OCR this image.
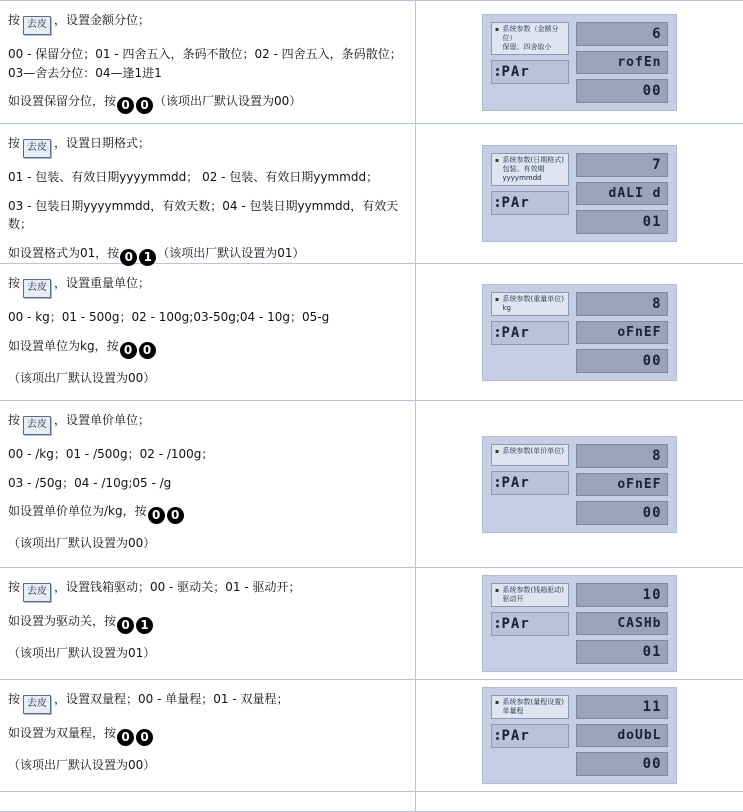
按 去皮 ，设置金额分位；
00 - 保留分位；01 - 四舍五入，条码不散位；02 - 四舍五入，条码散位；03—舍去分位：04—逢1进1
如设置保留分位，按 0 0 （该项出厂默认设置为00）
▪ 系统参数（金额分位）
保留、四舍取小
PAr
6
rofEn
00
按 去皮 ，设置日期格式；
01 - 包装、有效日期yyyymmdd； 02 - 包装、有效日期yymmdd；
03 - 包装日期yyyymmdd，有效天数；04 - 包装日期yymmdd，有效天数；
如设置格式为01，按 0 1 （该项出厂默认设置为01）
▪ 系统参数(日期格式)
包装、有效期yyyymmdd
PAr
7
dALI d
01
按 去皮 ，设置重量单位；
00 - kg；01 - 500g；02 - 100g;03-50g;04 - 10g；05-g
如设置单位为kg，按 0 0
（该项出厂默认设置为00）
▪ 系统参数(重量单位)
kg
PAr
8
oFnEF
00
按 去皮 ，设置单价单位；
00 - /kg；01 - /500g；02 - /100g；
03 - /50g；04 - /10g;05 - /g
如设置单价单位为/kg，按 0 0
（该项出厂默认设置为00）
▪ 系统参数(单价单位)

PAr
8
oFnEF
00
按 去皮 ，设置钱箱驱动；00 - 驱动关；01 - 驱动开；
如设置为驱动关，按 0 1
（该项出厂默认设置为01）
▪ 系统参数(钱箱驱动)
驱动开
PAr
10
CASHb
01
按 去皮 ，设置双量程；00 - 单量程；01 - 双量程；
如设置为双量程，按 0 0
（该项出厂默认设置为00）
▪ 系统参数(量程设置)
单量程
PAr
11
doUbL
00
